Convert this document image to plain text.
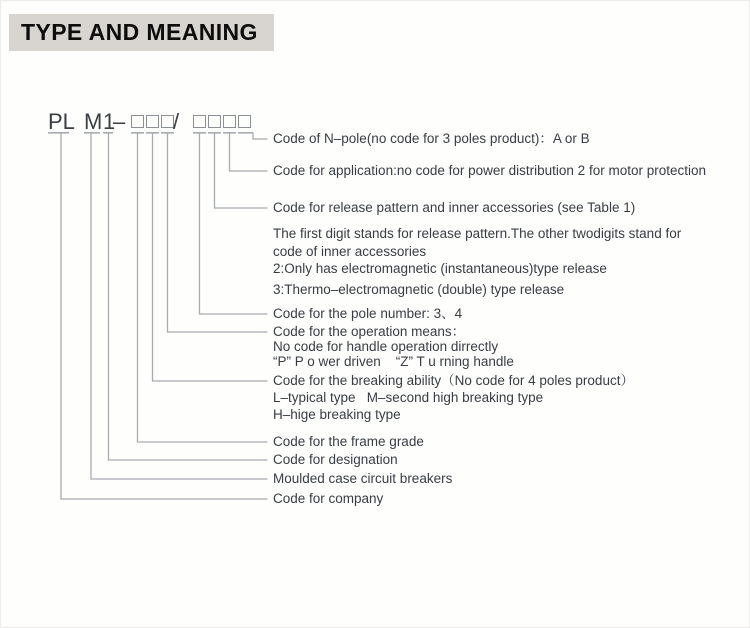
TYPE AND MEANING
PL M 1
– /
Code of N–pole(no code for 3 poles product)：A or B
Code for application:no code for power distribution 2 for motor protection
Code for release pattern and inner accessories (see Table 1)
The first digit stands for release pattern.The other twodigits stand for
code of inner accessories
2:Only has electromagnetic (instantaneous)type release
3:Thermo–electromagnetic (double) type release
Code for the pole number: 3、4
Code for the operation means：
No code for handle operation dirrectly
“P” P o wer driven    “Z” T u rning handle
Code for the breaking ability（No code for 4 poles product）
L–typical type   M–second high breaking type
H–hige breaking type
Code for the frame grade
Code for designation
Moulded case circuit breakers
Code for company
